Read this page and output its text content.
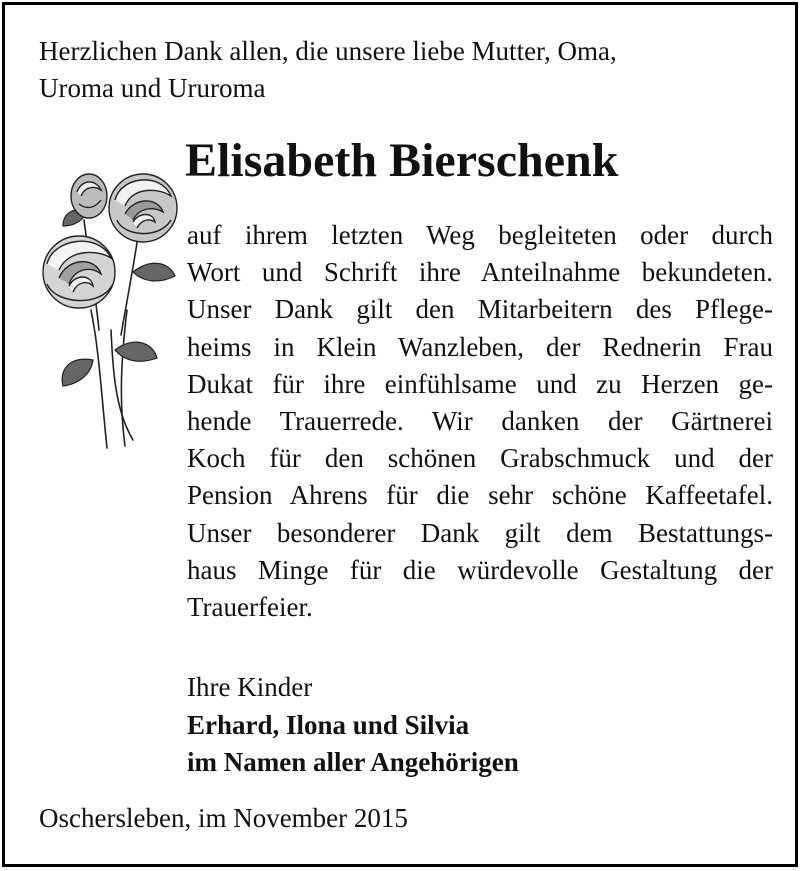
Herzlichen Dank allen, die unsere liebe Mutter, Oma,
Uroma und Ururoma
Elisabeth Bierschenk
auf ihrem letzten Weg begleiteten oder durch
Wort und Schrift ihre Anteilnahme bekundeten.
Unser Dank gilt den Mitarbeitern des Pflege-
heims in Klein Wanzleben, der Rednerin Frau
Dukat für ihre einfühlsame und zu Herzen ge-
hende Trauerrede. Wir danken der Gärtnerei
Koch für den schönen Grabschmuck und der
Pension Ahrens für die sehr schöne Kaffeetafel.
Unser besonderer Dank gilt dem Bestattungs-
haus Minge für die würdevolle Gestaltung der
Trauerfeier.
Ihre Kinder
Erhard, Ilona und Silvia
im Namen aller Angehörigen
Oschersleben, im November 2015
